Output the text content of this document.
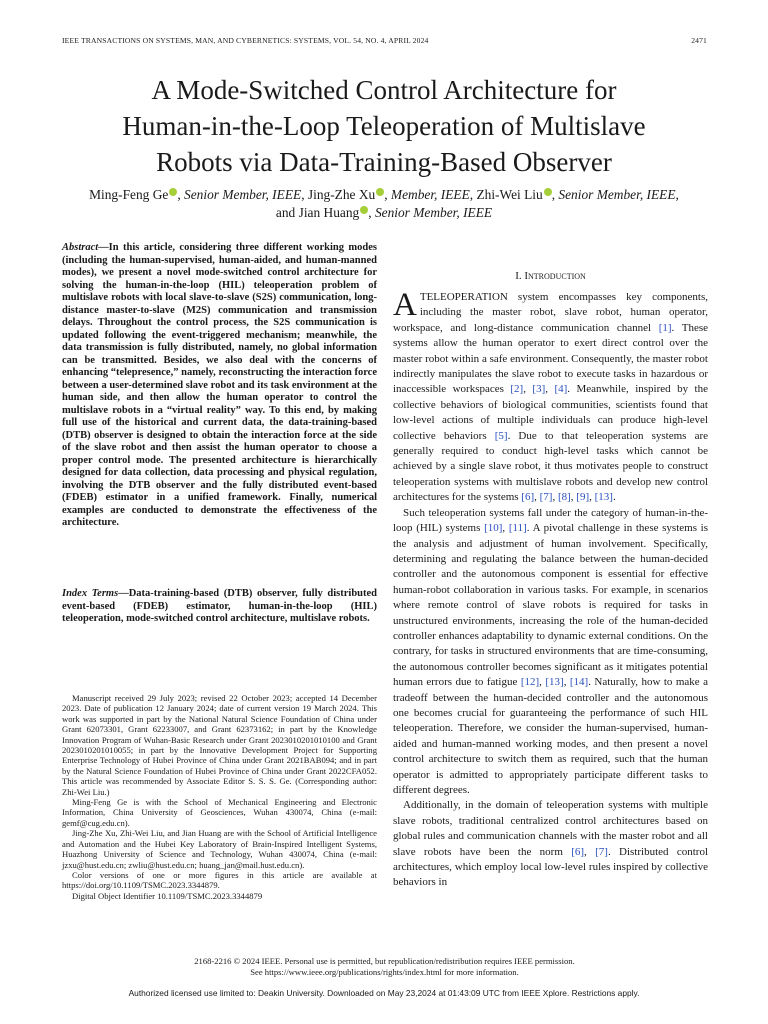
IEEE TRANSACTIONS ON SYSTEMS, MAN, AND CYBERNETICS: SYSTEMS, VOL. 54, NO. 4, APRIL 2024	2471
A Mode-Switched Control Architecture for
Human-in-the-Loop Teleoperation of Multislave
Robots via Data-Training-Based Observer
Ming-Feng Ge , Senior Member, IEEE, Jing-Zhe Xu , Member, IEEE, Zhi-Wei Liu , Senior Member, IEEE,
and Jian Huang , Senior Member, IEEE
Abstract—In this article, considering three different working modes (including the human-supervised, human-aided, and human-manned modes), we present a novel mode-switched control architecture for solving the human-in-the-loop (HIL) teleoperation problem of multislave robots with local slave-to-slave (S2S) communication, long-distance master-to-slave (M2S) communication and transmission delays. Throughout the control process, the S2S communication is updated following the event-triggered mechanism; meanwhile, the data transmission is fully distributed, namely, no global information can be transmitted. Besides, we also deal with the concerns of enhancing “telepresence,” namely, reconstructing the interaction force between a user-determined slave robot and its task environment at the human side, and then allow the human operator to control the multislave robots in a “virtual reality” way. To this end, by making full use of the historical and current data, the data-training-based (DTB) observer is designed to obtain the interaction force at the side of the slave robot and then assist the human operator to choose a proper control mode. The presented architecture is hierarchically designed for data collection, data processing and physical regulation, involving the DTB observer and the fully distributed event-based (FDEB) estimator in a unified framework. Finally, numerical examples are conducted to demonstrate the effectiveness of the architecture.
Index Terms—Data-training-based (DTB) observer, fully distributed event-based (FDEB) estimator, human-in-the-loop (HIL) teleoperation, mode-switched control architecture, multislave robots.

Manuscript received 29 July 2023; revised 22 October 2023; accepted 14 December 2023. Date of publication 12 January 2024; date of current version 19 March 2024. This work was supported in part by the National Natural Science Foundation of China under Grant 62073301, Grant 62233007, and Grant 62373162; in part by the Knowledge Innovation Program of Wuhan-Basic Research under Grant 2023010201010100 and Grant 2023010201010055; in part by the Innovative Development Project for Supporting Enterprise Technology of Hubei Province of China under Grant 2021BAB094; and in part by the Natural Science Foundation of Hubei Province of China under Grant 2022CFA052. This article was recommended by Associate Editor S. S. S. Ge. (Corresponding author: Zhi-Wei Liu.)

Ming-Feng Ge is with the School of Mechanical Engineering and Electronic Information, China University of Geosciences, Wuhan 430074, China (e-mail: gemf@cug.edu.cn).

Jing-Zhe Xu, Zhi-Wei Liu, and Jian Huang are with the School of Artificial Intelligence and Automation and the Hubei Key Laboratory of Brain-Inspired Intelligent Systems, Huazhong University of Science and Technology, Wuhan 430074, China (e-mail: jzxu@hust.edu.cn; zwliu@hust.edu.cn; huang_jan@mail.hust.edu.cn).

Color versions of one or more figures in this article are available at https://doi.org/10.1109/TSMC.2023.3344879.

Digital Object Identifier 10.1109/TSMC.2023.3344879

I. Introduction

ATELEOPERATION system encompasses key components, including the master robot, slave robot, human operator, workspace, and long-distance communication channel [1]. These systems allow the human operator to exert direct control over the master robot within a safe environment. Consequently, the master robot indirectly manipulates the slave robot to execute tasks in hazardous or inaccessible workspaces [2], [3], [4]. Meanwhile, inspired by the collective behaviors of biological communities, scientists found that low-level actions of multiple individuals can produce high-level collective behaviors [5]. Due to that teleoperation systems are generally required to conduct high-level tasks which cannot be achieved by a single slave robot, it thus motivates people to construct teleoperation systems with multislave robots and develop new control architectures for the systems [6], [7], [8], [9], [13].

Such teleoperation systems fall under the category of human-in-the-loop (HIL) systems [10], [11]. A pivotal challenge in these systems is the analysis and adjustment of human involvement. Specifically, determining and regulating the balance between the human-decided controller and the autonomous component is essential for effective human-robot collaboration in various tasks. For example, in scenarios where remote control of slave robots is required for tasks in unstructured environments, increasing the role of the human-decided controller enhances adaptability to dynamic external conditions. On the contrary, for tasks in structured environments that are time-consuming, the autonomous controller becomes significant as it mitigates potential human errors due to fatigue [12], [13], [14]. Naturally, how to make a tradeoff between the human-decided controller and the autonomous one becomes crucial for guaranteeing the performance of such HIL teleoperation. Therefore, we consider the human-supervised, human-aided and human-manned working modes, and then present a novel control architecture to switch them as required, such that the human operator is admitted to appropriately participate different tasks to different degrees.

Additionally, in the domain of teleoperation systems with multiple slave robots, traditional centralized control architectures based on global rules and communication channels with the master robot and all slave robots have been the norm [6], [7]. Distributed control architectures, which employ local low-level rules inspired by collective behaviors in

2168-2216 © 2024 IEEE. Personal use is permitted, but republication/redistribution requires IEEE permission.
See https://www.ieee.org/publications/rights/index.html for more information.
Authorized licensed use limited to: Deakin University. Downloaded on May 23,2024 at 01:43:09 UTC from IEEE Xplore. Restrictions apply.
